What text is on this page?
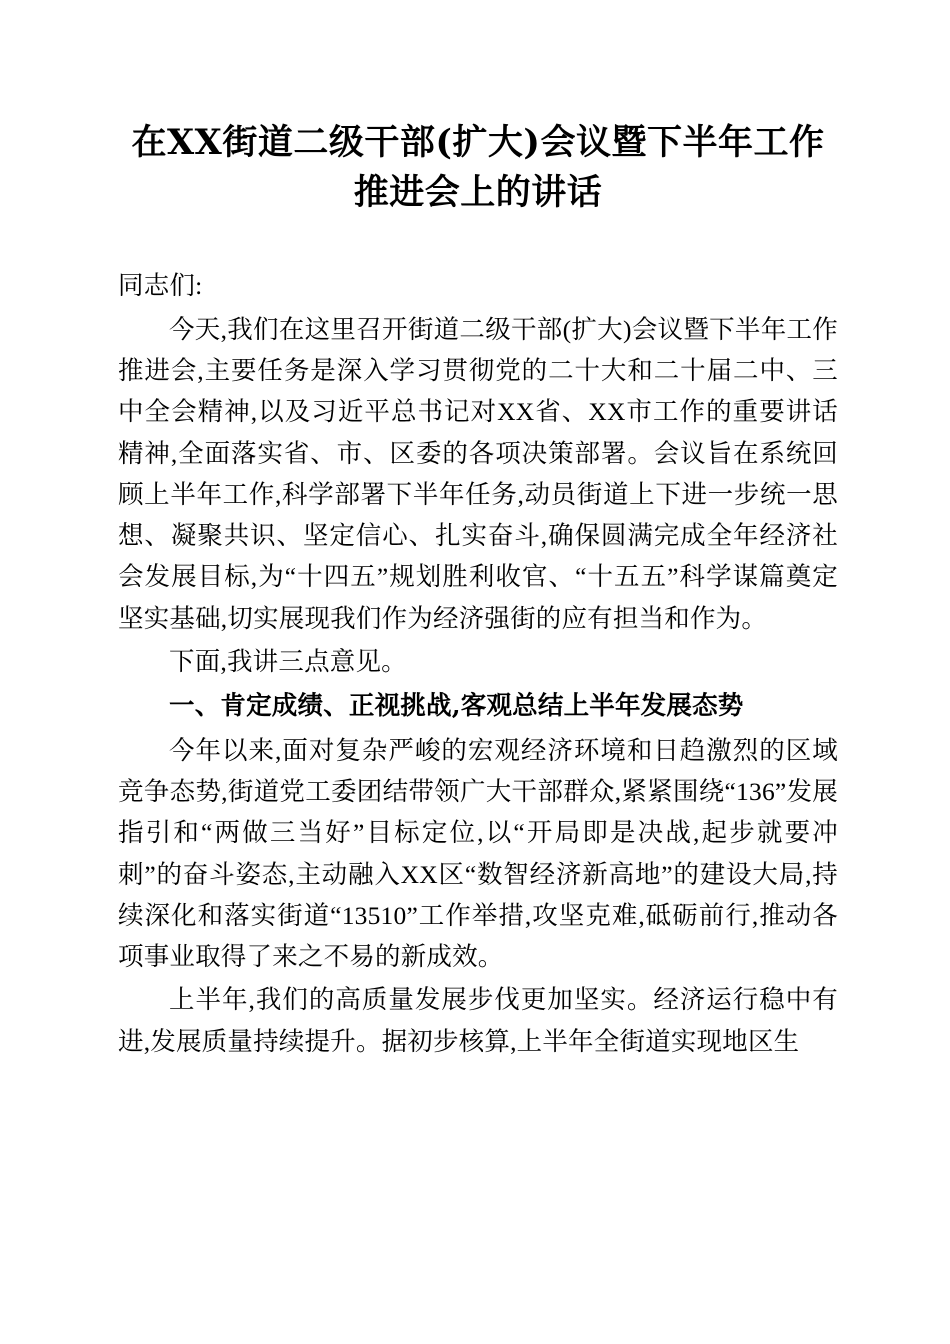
在XX街道二级干部(扩大)会议暨下半年工作推进会上的讲话

同志们:

今天,我们在这里召开街道二级干部(扩大)会议暨下半年工作推进会,主要任务是深入学习贯彻党的二十大和二十届二中、三中全会精神,以及习近平总书记对XX省、XX市工作的重要讲话精神,全面落实省、市、区委的各项决策部署。会议旨在系统回顾上半年工作,科学部署下半年任务,动员街道上下进一步统一思想、凝聚共识、坚定信心、扎实奋斗,确保圆满完成全年经济社会发展目标,为“十四五”规划胜利收官、“十五五”科学谋篇奠定坚实基础,切实展现我们作为经济强街的应有担当和作为。

下面,我讲三点意见。

一、肯定成绩、正视挑战,客观总结上半年发展态势

今年以来,面对复杂严峻的宏观经济环境和日趋激烈的区域竞争态势,街道党工委团结带领广大干部群众,紧紧围绕“136”发展指引和“两做三当好”目标定位,以“开局即是决战,起步就要冲刺”的奋斗姿态,主动融入XX区“数智经济新高地”的建设大局,持续深化和落实街道“13510”工作举措,攻坚克难,砥砺前行,推动各项事业取得了来之不易的新成效。

上半年,我们的高质量发展步伐更加坚实。经济运行稳中有进,发展质量持续提升。据初步核算,上半年全街道实现地区生
